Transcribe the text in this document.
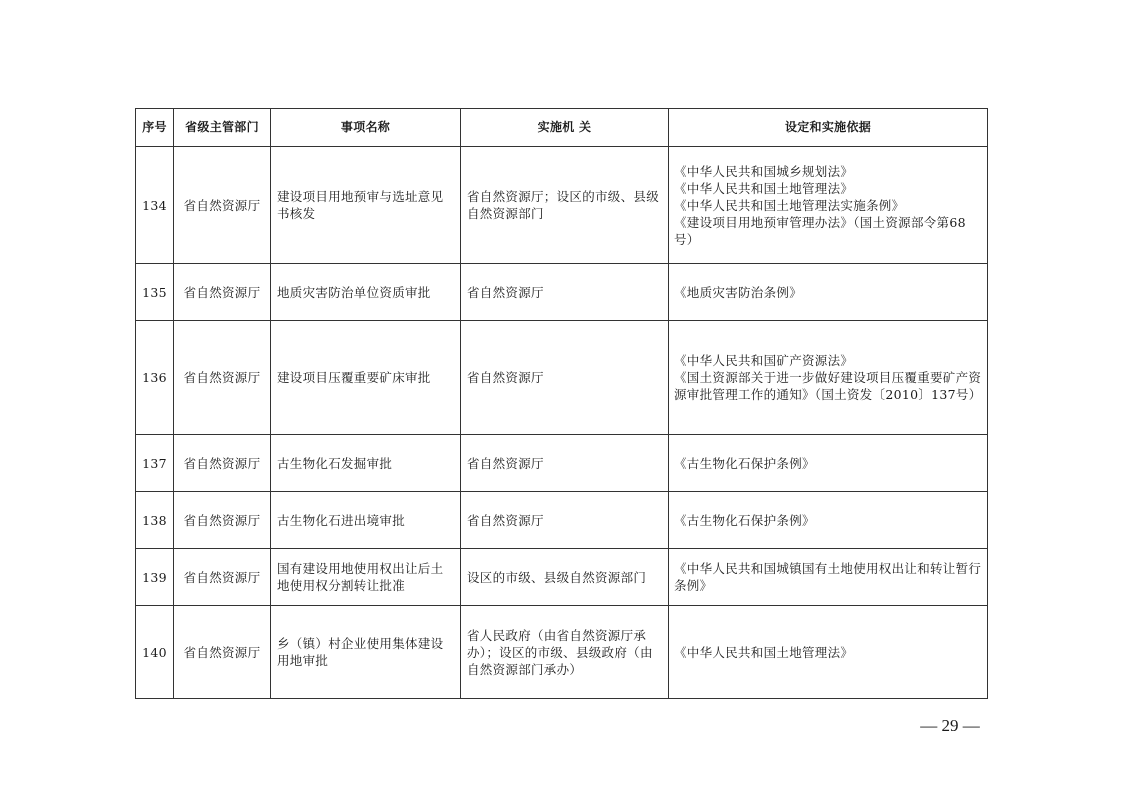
序号	省级主管部门	事项名称	实施机 关	设定和实施依据
134	省自然资源厅	建设项目用地预审与选址意见书核发	省自然资源厅；设区的市级、县级自然资源部门	《中华人民共和国城乡规划法》
《中华人民共和国土地管理法》
《中华人民共和国土地管理法实施条例》
《建设项目用地预审管理办法》（国土资源部令第68号）

135	省自然资源厅	地质灾害防治单位资质审批	省自然资源厅	《地质灾害防治条例》

136	省自然资源厅	建设项目压覆重要矿床审批	省自然资源厅	《中华人民共和国矿产资源法》
《国土资源部关于进一步做好建设项目压覆重要矿产资源审批管理工作的通知》（国土资发〔2010〕137号）

137	省自然资源厅	古生物化石发掘审批	省自然资源厅	《古生物化石保护条例》

138	省自然资源厅	古生物化石进出境审批	省自然资源厅	《古生物化石保护条例》

139	省自然资源厅	国有建设用地使用权出让后土地使用权分割转让批准	设区的市级、县级自然资源部门	《中华人民共和国城镇国有土地使用权出让和转让暂行条例》

140	省自然资源厅	乡（镇）村企业使用集体建设用地审批	省人民政府（由省自然资源厅承办）；设区的市级、县级政府（由自然资源部门承办）	《中华人民共和国土地管理法》
— 29 —
